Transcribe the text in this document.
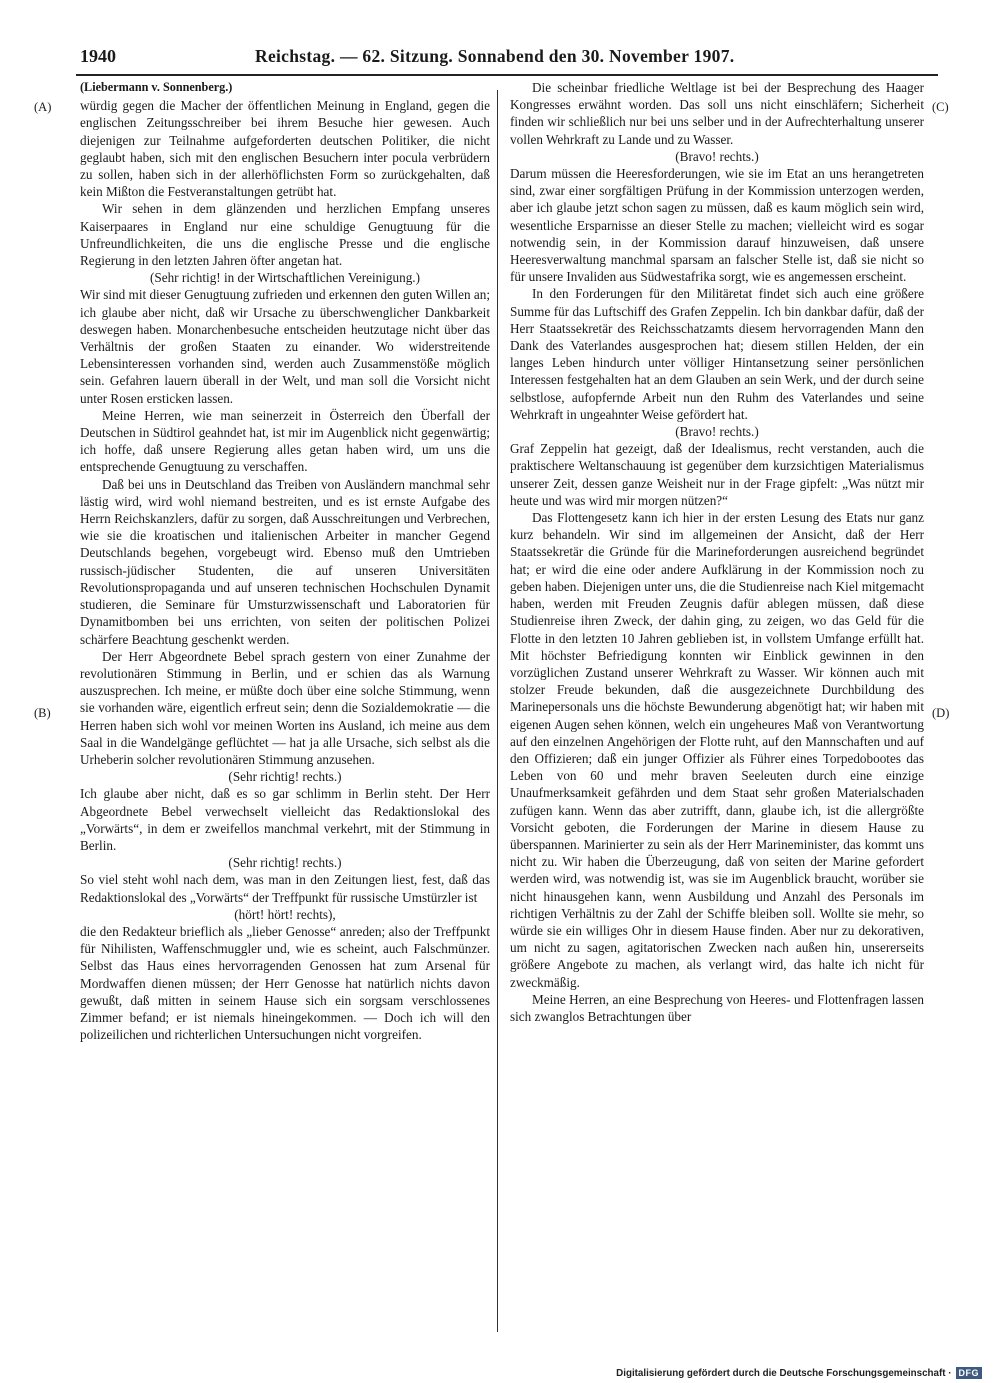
1940	Reichstag. — 62. Sitzung. Sonnabend den 30. November 1907.
(A)
(B)
(C)
(D)

(Liebermann v. Sonnenberg.)

würdig gegen die Macher der öffentlichen Meinung in England, gegen die englischen Zeitungsschreiber bei ihrem Besuche hier gewesen. Auch diejenigen zur Teilnahme aufgeforderten deutschen Politiker, die nicht geglaubt haben, sich mit den englischen Besuchern inter pocula verbrüdern zu sollen, haben sich in der allerhöflichsten Form so zurückgehalten, daß kein Mißton die Festveranstaltungen getrübt hat.

Wir sehen in dem glänzenden und herzlichen Empfang unseres Kaiserpaares in England nur eine schuldige Genugtuung für die Unfreundlichkeiten, die uns die englische Presse und die englische Regierung in den letzten Jahren öfter angetan hat.

(Sehr richtig! in der Wirtschaftlichen Vereinigung.)

Wir sind mit dieser Genugtuung zufrieden und erkennen den guten Willen an; ich glaube aber nicht, daß wir Ursache zu überschwenglicher Dankbarkeit deswegen haben. Monarchenbesuche entscheiden heutzutage nicht über das Verhältnis der großen Staaten zu einander. Wo widerstreitende Lebensinteressen vorhanden sind, werden auch Zusammenstöße möglich sein. Gefahren lauern überall in der Welt, und man soll die Vorsicht nicht unter Rosen ersticken lassen.

Meine Herren, wie man seinerzeit in Österreich den Überfall der Deutschen in Südtirol geahndet hat, ist mir im Augenblick nicht gegenwärtig; ich hoffe, daß unsere Regierung alles getan haben wird, um uns die entsprechende Genugtuung zu verschaffen.

Daß bei uns in Deutschland das Treiben von Ausländern manchmal sehr lästig wird, wird wohl niemand bestreiten, und es ist ernste Aufgabe des Herrn Reichskanzlers, dafür zu sorgen, daß Ausschreitungen und Verbrechen, wie sie die kroatischen und italienischen Arbeiter in mancher Gegend Deutschlands begehen, vorgebeugt wird. Ebenso muß den Umtrieben russisch-jüdischer Studenten, die auf unseren Universitäten Revolutionspropaganda und auf unseren technischen Hochschulen Dynamit studieren, die Seminare für Umsturzwissenschaft und Laboratorien für Dynamitbomben bei uns errichten, von seiten der politischen Polizei schärfere Beachtung geschenkt werden.

Der Herr Abgeordnete Bebel sprach gestern von einer Zunahme der revolutionären Stimmung in Berlin, und er schien das als Warnung auszusprechen. Ich meine, er müßte doch über eine solche Stimmung, wenn sie vorhanden wäre, eigentlich erfreut sein; denn die Sozialdemokratie — die Herren haben sich wohl vor meinen Worten ins Ausland, ich meine aus dem Saal in die Wandelgänge geflüchtet — hat ja alle Ursache, sich selbst als die Urheberin solcher revolutionären Stimmung anzusehen.

(Sehr richtig! rechts.)

Ich glaube aber nicht, daß es so gar schlimm in Berlin steht. Der Herr Abgeordnete Bebel verwechselt vielleicht das Redaktionslokal des „Vorwärts“, in dem er zweifellos manchmal verkehrt, mit der Stimmung in Berlin.

(Sehr richtig! rechts.)

So viel steht wohl nach dem, was man in den Zeitungen liest, fest, daß das Redaktionslokal des „Vorwärts“ der Treffpunkt für russische Umstürzler ist

(hört! hört! rechts),

die den Redakteur brieflich als „lieber Genosse“ anreden; also der Treffpunkt für Nihilisten, Waffenschmuggler und, wie es scheint, auch Falschmünzer. Selbst das Haus eines hervorragenden Genossen hat zum Arsenal für Mordwaffen dienen müssen; der Herr Genosse hat natürlich nichts davon gewußt, daß mitten in seinem Hause sich ein sorgsam verschlossenes Zimmer befand; er ist niemals hineingekommen. — Doch ich will den polizeilichen und richterlichen Untersuchungen nicht vorgreifen.

Die scheinbar friedliche Weltlage ist bei der Besprechung des Haager Kongresses erwähnt worden. Das soll uns nicht einschläfern; Sicherheit finden wir schließlich nur bei uns selber und in der Aufrechterhaltung unserer vollen Wehrkraft zu Lande und zu Wasser.

(Bravo! rechts.)

Darum müssen die Heeresforderungen, wie sie im Etat an uns herangetreten sind, zwar einer sorgfältigen Prüfung in der Kommission unterzogen werden, aber ich glaube jetzt schon sagen zu müssen, daß es kaum möglich sein wird, wesentliche Ersparnisse an dieser Stelle zu machen; vielleicht wird es sogar notwendig sein, in der Kommission darauf hinzuweisen, daß unsere Heeresverwaltung manchmal sparsam an falscher Stelle ist, daß sie nicht so für unsere Invaliden aus Südwestafrika sorgt, wie es angemessen erscheint.

In den Forderungen für den Militäretat findet sich auch eine größere Summe für das Luftschiff des Grafen Zeppelin. Ich bin dankbar dafür, daß der Herr Staatssekretär des Reichsschatzamts diesem hervorragenden Mann den Dank des Vaterlandes ausgesprochen hat; diesem stillen Helden, der ein langes Leben hindurch unter völliger Hintansetzung seiner persönlichen Interessen festgehalten hat an dem Glauben an sein Werk, und der durch seine selbstlose, aufopfernde Arbeit nun den Ruhm des Vaterlandes und seine Wehrkraft in ungeahnter Weise gefördert hat.

(Bravo! rechts.)

Graf Zeppelin hat gezeigt, daß der Idealismus, recht verstanden, auch die praktischere Weltanschauung ist gegenüber dem kurzsichtigen Materialismus unserer Zeit, dessen ganze Weisheit nur in der Frage gipfelt: „Was nützt mir heute und was wird mir morgen nützen?“

Das Flottengesetz kann ich hier in der ersten Lesung des Etats nur ganz kurz behandeln. Wir sind im allgemeinen der Ansicht, daß der Herr Staatssekretär die Gründe für die Marineforderungen ausreichend begründet hat; er wird die eine oder andere Aufklärung in der Kommission noch zu geben haben. Diejenigen unter uns, die die Studienreise nach Kiel mitgemacht haben, werden mit Freuden Zeugnis dafür ablegen müssen, daß diese Studienreise ihren Zweck, der dahin ging, zu zeigen, wo das Geld für die Flotte in den letzten 10 Jahren geblieben ist, in vollstem Umfange erfüllt hat. Mit höchster Befriedigung konnten wir Einblick gewinnen in den vorzüglichen Zustand unserer Wehrkraft zu Wasser. Wir können auch mit stolzer Freude bekunden, daß die ausgezeichnete Durchbildung des Marinepersonals uns die höchste Bewunderung abgenötigt hat; wir haben mit eigenen Augen sehen können, welch ein ungeheures Maß von Verantwortung auf den einzelnen Angehörigen der Flotte ruht, auf den Mannschaften und auf den Offizieren; daß ein junger Offizier als Führer eines Torpedobootes das Leben von 60 und mehr braven Seeleuten durch eine einzige Unaufmerksamkeit gefährden und dem Staat sehr großen Materialschaden zufügen kann. Wenn das aber zutrifft, dann, glaube ich, ist die allergrößte Vorsicht geboten, die Forderungen der Marine in diesem Hause zu überspannen. Marinierter zu sein als der Herr Marineminister, das kommt uns nicht zu. Wir haben die Überzeugung, daß von seiten der Marine gefordert werden wird, was notwendig ist, was sie im Augenblick braucht, worüber sie nicht hinausgehen kann, wenn Ausbildung und Anzahl des Personals im richtigen Verhältnis zu der Zahl der Schiffe bleiben soll. Wollte sie mehr, so würde sie ein williges Ohr in diesem Hause finden. Aber nur zu dekorativen, um nicht zu sagen, agitatorischen Zwecken nach außen hin, unsererseits größere Angebote zu machen, als verlangt wird, das halte ich nicht für zweckmäßig.

Meine Herren, an eine Besprechung von Heeres- und Flottenfragen lassen sich zwanglos Betrachtungen über

Digitalisierung gefördert durch die Deutsche Forschungsgemeinschaft · DFG
